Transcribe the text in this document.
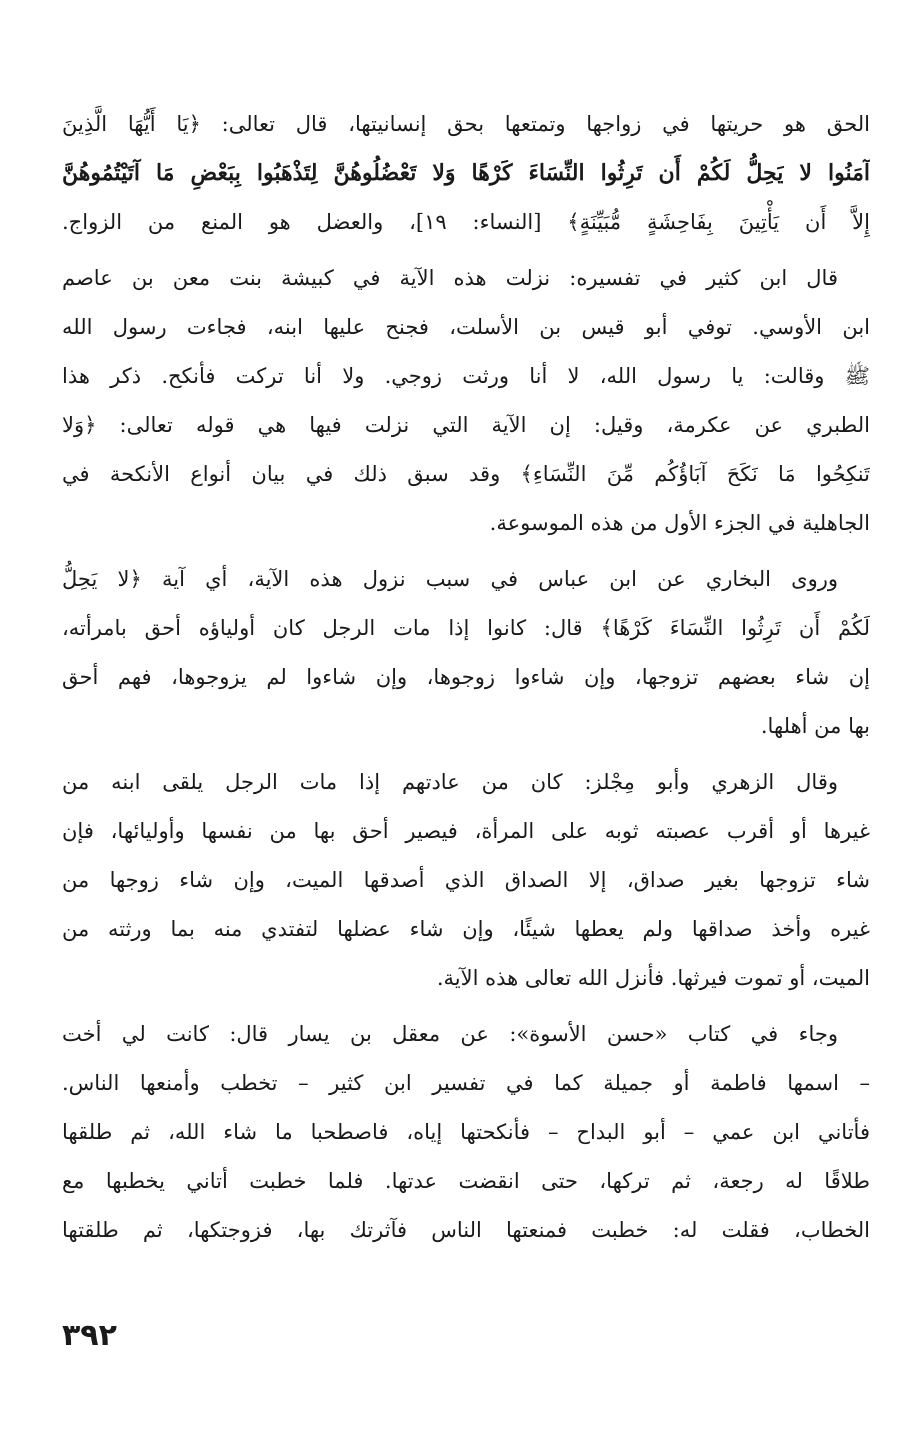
الحق هو حريتها في زواجها وتمتعها بحق إنسانيتها، قال تعالى: ﴿يَا أَيُّهَا الَّذِينَ
آمَنُوا لا يَحِلُّ لَكُمْ أَن تَرِثُوا النِّسَاءَ كَرْهًا وَلا تَعْضُلُوهُنَّ لِتَذْهَبُوا بِبَعْضِ مَا آتَيْتُمُوهُنَّ
إِلاَّ أَن يَأْتِينَ بِفَاحِشَةٍ مُّبَيِّنَةٍ﴾ [النساء: ١٩]، والعضل هو المنع من الزواج.
قال ابن كثير في تفسيره: نزلت هذه الآية في كبيشة بنت معن بن عاصم
ابن الأوسي. توفي أبو قيس بن الأسلت، فجنح عليها ابنه، فجاءت رسول الله
ﷺ وقالت: يا رسول الله، لا أنا ورثت زوجي. ولا أنا تركت فأنكح. ذكر هذا
الطبري عن عكرمة، وقيل: إن الآية التي نزلت فيها هي قوله تعالى: ﴿وَلا
تَنكِحُوا مَا نَكَحَ آبَاؤُكُم مِّنَ النِّسَاءِ﴾ وقد سبق ذلك في بيان أنواع الأنكحة في
الجاهلية في الجزء الأول من هذه الموسوعة.
وروى البخاري عن ابن عباس في سبب نزول هذه الآية، أي آية ﴿لا يَحِلُّ
لَكُمْ أَن تَرِثُوا النِّسَاءَ كَرْهًا﴾ قال: كانوا إذا مات الرجل كان أولياؤه أحق بامرأته،
إن شاء بعضهم تزوجها، وإن شاءوا زوجوها، وإن شاءوا لم يزوجوها، فهم أحق
بها من أهلها.
وقال الزهري وأبو مِجْلز: كان من عادتهم إذا مات الرجل يلقى ابنه من
غيرها أو أقرب عصبته ثوبه على المرأة، فيصير أحق بها من نفسها وأوليائها، فإن
شاء تزوجها بغير صداق، إلا الصداق الذي أصدقها الميت، وإن شاء زوجها من
غيره وأخذ صداقها ولم يعطها شيئًا، وإن شاء عضلها لتفتدي منه بما ورثته من
الميت، أو تموت فيرثها. فأنزل الله تعالى هذه الآية.
وجاء في كتاب «حسن الأسوة»: عن معقل بن يسار قال: كانت لي أخت
– اسمها فاطمة أو جميلة كما في تفسير ابن كثير – تخطب وأمنعها الناس.
فأتاني ابن عمي – أبو البداح – فأنكحتها إياه، فاصطحبا ما شاء الله، ثم طلقها
طلاقًا له رجعة، ثم تركها، حتى انقضت عدتها. فلما خطبت أتاني يخطبها مع
الخطاب، فقلت له: خطبت فمنعتها الناس فآثرتك بها، فزوجتكها، ثم طلقتها
٣٩٢
